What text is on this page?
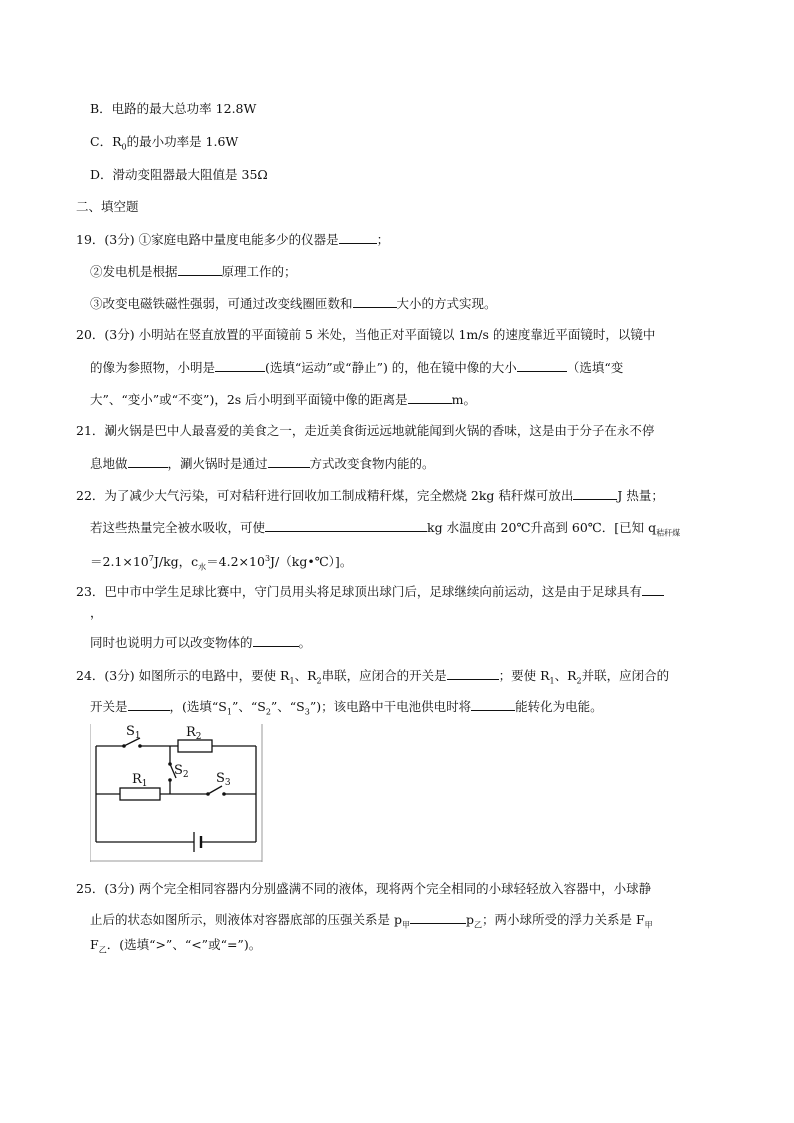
B．电路的最大总功率 12.8W
C．$R_0$的最小功率是 1.6W
D．滑动变阻器最大阻值是 35Ω
二、填空题
19．(3分) ①家庭电路中量度电能多少的仪器是	；
②发电机是根据	原理工作的；
③改变电磁铁磁性强弱，可通过改变线圈匝数和	大小的方式实现。
20．(3分) 小明站在竖直放置的平面镜前 5 米处，当他正对平面镜以 1m/s 的速度靠近平面镜时，以镜中
的像为参照物，小明是	(选填“运动”或“静止”) 的，他在镜中像的大小	（选填“变
大”、“变小”或“不变”)，2s 后小明到平面镜中像的距离是	m。
21．涮火锅是巴中人最喜爱的美食之一，走近美食街远远地就能闻到火锅的香味，这是由于分子在永不停
息地做	，涮火锅时是通过	方式改变食物内能的。
22．为了减少大气污染，可对秸秆进行回收加工制成精秆煤，完全燃烧 2kg 秸秆煤可放出	J 热量；
若这些热量完全被水吸收，可使	kg 水温度由 20℃升高到 60℃．[已知 $q_{秸秆煤}$
$=2.1\times 10^7J/kg$，$c_水=4.2\times 10^3J/(kg•℃)$]。
23．巴中市中学生足球比赛中，守门员用头将足球顶出球门后，足球继续向前运动，这是由于足球具有
，
同时也说明力可以改变物体的	。
24．(3分) 如图所示的电路中，要使 $R_1$、$R_2$串联，应闭合的开关是	；要使 $R_1$、$R_2$并联，应闭合的
开关是	，(选填“$S_1$”、“$S_2$”、“$S_3$”)；该电路中干电池供电时将	能转化为电能。
$S_1$	$R_2$
$S_2$
$R_1$	$S_3$
25．(3分) 两个完全相同容器内分别盛满不同的液体，现将两个完全相同的小球轻轻放入容器中，小球静
止后的状态如图所示，则液体对容器底部的压强关系是 $p_甲$	$p_乙$；两小球所受的浮力关系是 $F_甲$
$F_乙$．(选填“>”、“<”或“=”)。
